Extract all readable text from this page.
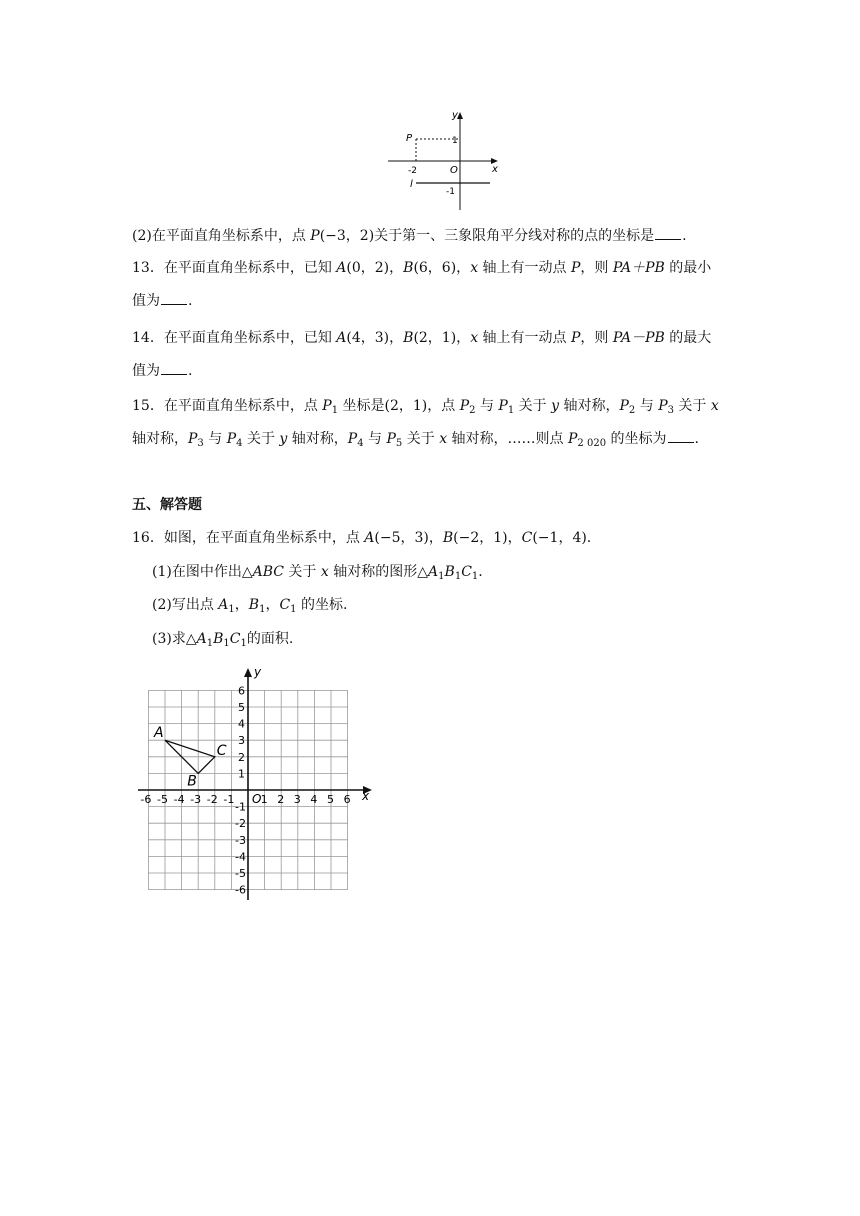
y
x
P
O
1
-2
l
-1
(2)在平面直角坐标系中，点 P(−3，2)关于第一、三象限角平分线对称的点的坐标是 .
13．在平面直角坐标系中，已知 A(0，2)，B(6，6)，x 轴上有一动点 P，则 PA＋PB 的最小
值为 .
14．在平面直角坐标系中，已知 A(4，3)，B(2，1)，x 轴上有一动点 P，则 PA－PB 的最大
值为 .
15．在平面直角坐标系中，点 $P_1$ 坐标是(2，1)，点 $P_2$ 与 $P_1$ 关于 y 轴对称，$P_2$ 与 $P_3$ 关于 x
轴对称，$P_3$ 与 $P_4$ 关于 y 轴对称，$P_4$ 与 $P_5$ 关于 x 轴对称，……则点 $P_{2 020}$ 的坐标为 .
五、解答题
16．如图，在平面直角坐标系中，点 A(−5，3)，B(−2，1)，C(−1，4).
(1)在图中作出△ABC 关于 x 轴对称的图形$\triangle A_1B_1C_1$.
(2)写出点 $A_1$，$B_1$，$C_1$ 的坐标.
(3)求$\triangle A_1B_1C_1$的面积.
x
y
O
-6 -5 -4 -3 -2 -1 1 2 3 4 5 6
6
5
4
3
2
1
-1
-2
-3
-4
-5
-6
A
B
C
